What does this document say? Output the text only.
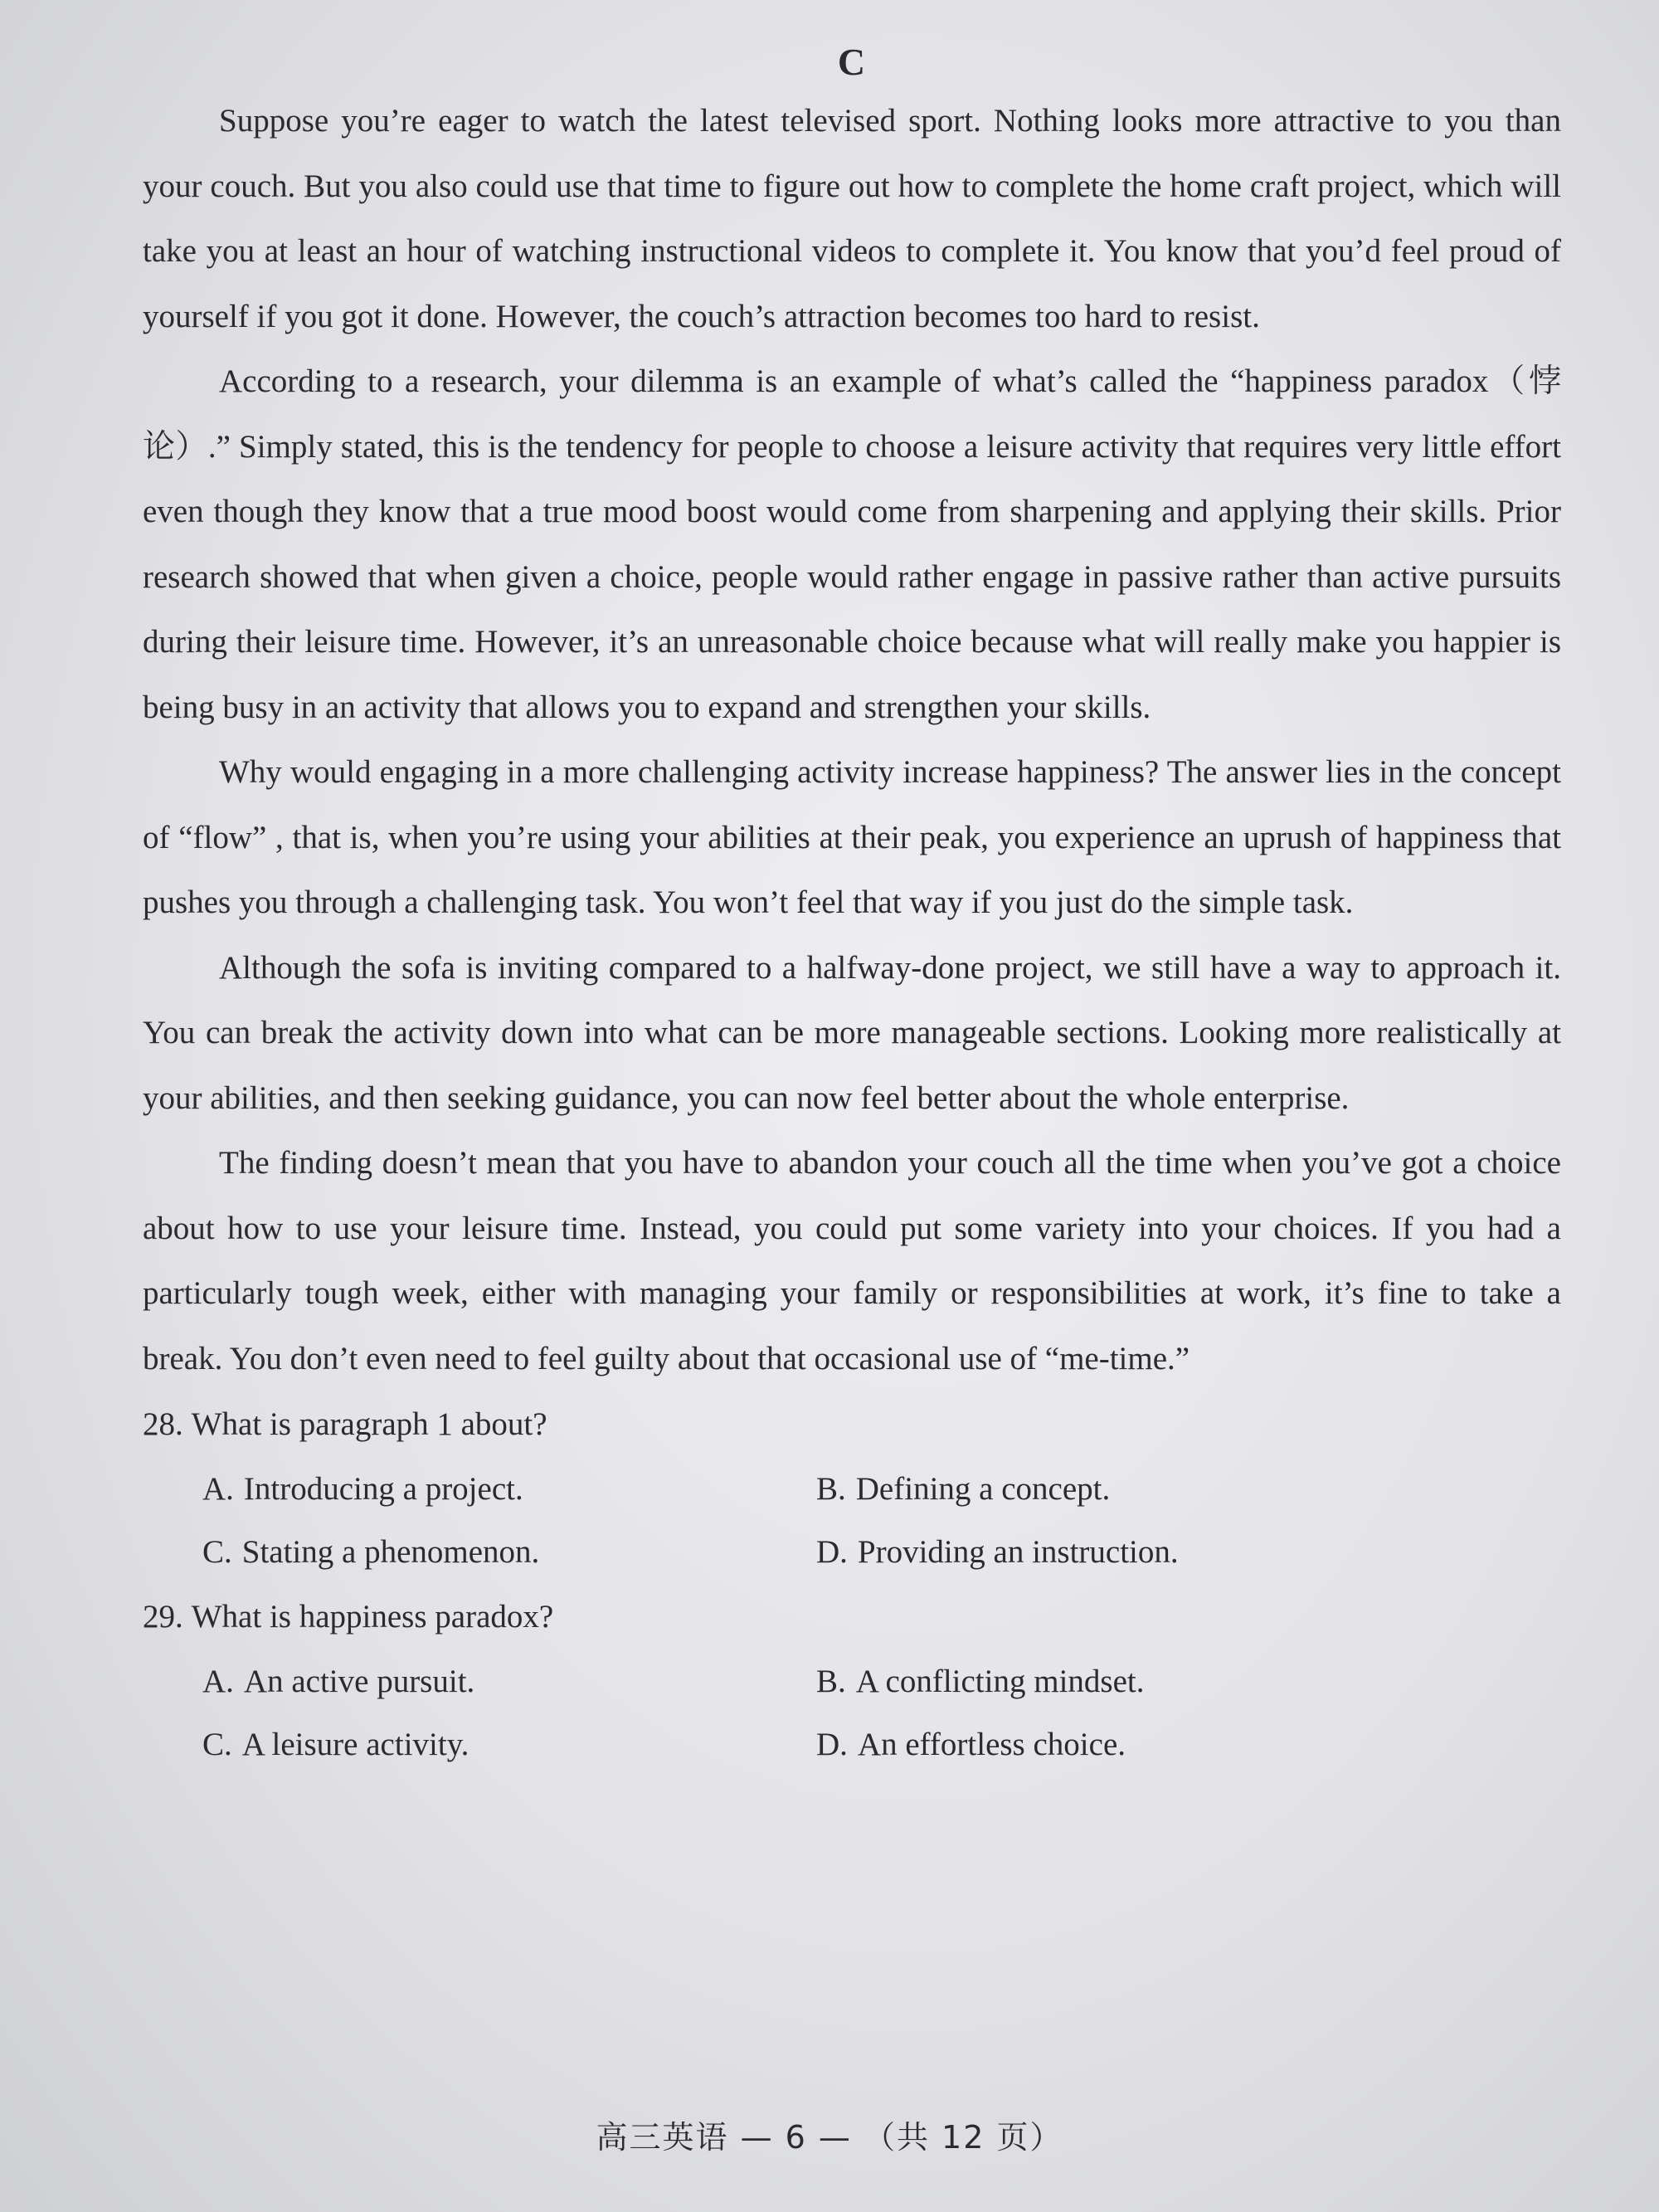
C

Suppose you’re eager to watch the latest televised sport. Nothing looks more attractive to you than your couch. But you also could use that time to figure out how to complete the home craft project, which will take you at least an hour of watching instructional videos to complete it. You know that you’d feel proud of yourself if you got it done. However, the couch’s attraction becomes too hard to resist.

According to a research, your dilemma is an example of what’s called the “happiness paradox（悖论）.” Simply stated, this is the tendency for people to choose a leisure activity that requires very little effort even though they know that a true mood boost would come from sharpening and applying their skills. Prior research showed that when given a choice, people would rather engage in passive rather than active pursuits during their leisure time. However, it’s an unreasonable choice because what will really make you happier is being busy in an activity that allows you to expand and strengthen your skills.

Why would engaging in a more challenging activity increase happiness? The answer lies in the concept of “flow” , that is, when you’re using your abilities at their peak, you experience an uprush of happiness that pushes you through a challenging task. You won’t feel that way if you just do the simple task.

Although the sofa is inviting compared to a halfway-done project, we still have a way to approach it. You can break the activity down into what can be more manageable sections. Looking more realistically at your abilities, and then seeking guidance, you can now feel better about the whole enterprise.

The finding doesn’t mean that you have to abandon your couch all the time when you’ve got a choice about how to use your leisure time. Instead, you could put some variety into your choices. If you had a particularly tough week, either with managing your family or responsibilities at work, it’s fine to take a break. You don’t even need to feel guilty about that occasional use of “me-time.”

28. What is paragraph 1 about?
A. Introducing a project.	B. Defining a concept.
C. Stating a phenomenon.	D. Providing an instruction.
29. What is happiness paradox?
A. An active pursuit.	B. A conflicting mindset.
C. A leisure activity.	D. An effortless choice.
高三英语 — 6 — （共 12 页）
